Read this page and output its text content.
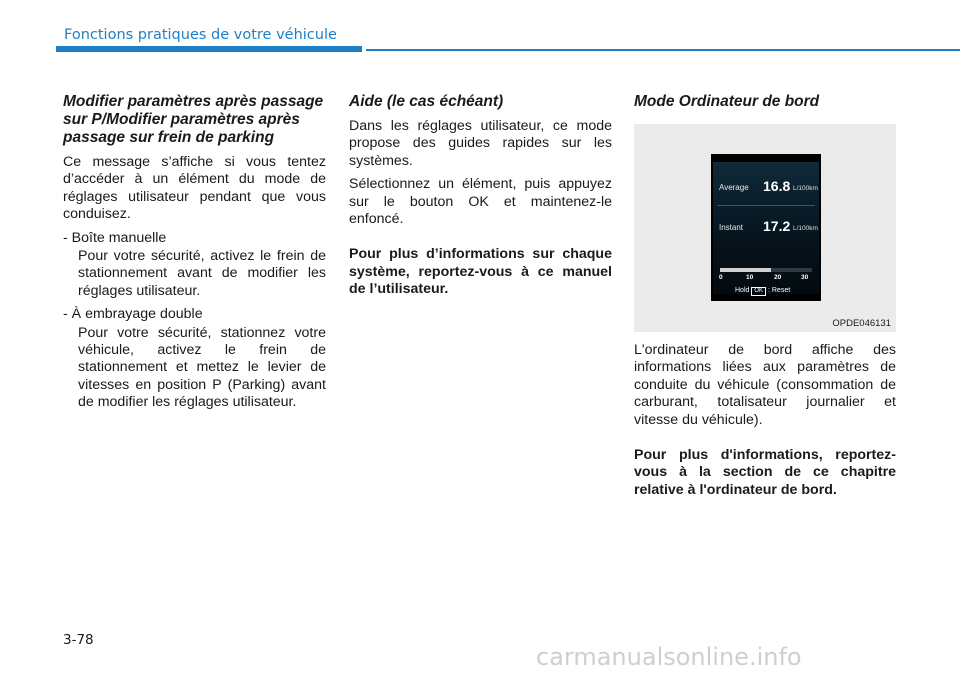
Fonctions pratiques de votre véhicule
Modifier paramètres après passage sur P/Modifier paramètres après passage sur frein de parking

Ce message s’affiche si vous tentez d’accéder à un élément du mode de réglages utilisateur pendant que vous conduisez.

- Boîte manuelle

Pour votre sécurité, activez le frein de stationnement avant de modifier les réglages utilisateur.

- À embrayage double

Pour votre sécurité, stationnez votre véhicule, activez le frein de stationnement et mettez le levier de vitesses en position P (Parking) avant de modifier les réglages utilisateur.

Aide (le cas échéant)

Dans les réglages utilisateur, ce mode propose des guides rapides sur les systèmes.

Sélectionnez un élément, puis appuyez sur le bouton OK et maintenez-le enfoncé.

Pour plus d’informations sur chaque système, reportez-vous à ce manuel de l’utilisateur.

Mode Ordinateur de bord
Average 16.8 L/100km
Instant 17.2 L/100km
0	10	20	30
Hold OK : Reset
OPDE046131

L'ordinateur de bord affiche des informations liées aux paramètres de conduite du véhicule (consommation de carburant, totalisateur journalier et vitesse du véhicule).

Pour plus d'informations, reportez-vous à la section de ce chapitre relative à l'ordinateur de bord.

3-78
carmanualsonline.info
